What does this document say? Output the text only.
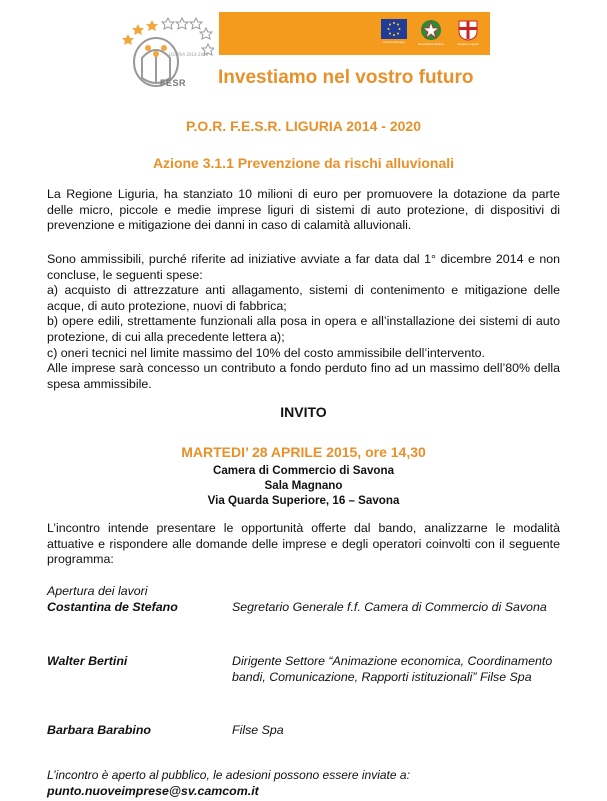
LIGURIA 2014-2020
FESR
Unione Europea	Repubblica Italiana	Regione Liguria
Investiamo nel vostro futuro
P.O.R. F.E.S.R. LIGURIA 2014 - 2020
Azione 3.1.1 Prevenzione da rischi alluvionali
La Regione Liguria, ha stanziato 10 milioni di euro per promuovere la dotazione da parte delle micro, piccole e medie imprese liguri di sistemi di auto protezione, di dispositivi di prevenzione e mitigazione dei danni in caso di calamità alluvionali.
Sono ammissibili, purché riferite ad iniziative avviate a far data dal 1° dicembre 2014 e non concluse, le seguenti spese:
a) acquisto di attrezzature anti allagamento, sistemi di contenimento e mitigazione delle acque, di auto protezione, nuovi di fabbrica;
b) opere edili, strettamente funzionali alla posa in opera e all’installazione dei sistemi di auto protezione, di cui alla precedente lettera a);
c) oneri tecnici nel limite massimo del 10% del costo ammissibile dell’intervento.
Alle imprese sarà concesso un contributo a fondo perduto fino ad un massimo dell’80% della spesa ammissibile.
INVITO
MARTEDI’ 28 APRILE 2015, ore 14,30
Camera di Commercio di Savona
Sala Magnano
Via Quarda Superiore, 16 – Savona
L’incontro intende presentare le opportunità offerte dal bando, analizzarne le modalità attuative e rispondere alle domande delle imprese e degli operatori coinvolti con il seguente programma:
Apertura dei lavori
Costantina de Stefano	Segretario Generale f.f. Camera di Commercio di Savona
Walter Bertini	Dirigente Settore “Animazione economica, Coordinamento bandi, Comunicazione, Rapporti istituzionali” Filse Spa
Barbara Barabino	Filse Spa
L’incontro è aperto al pubblico, le adesioni possono essere inviate a:
punto.nuoveimprese@sv.camcom.it
